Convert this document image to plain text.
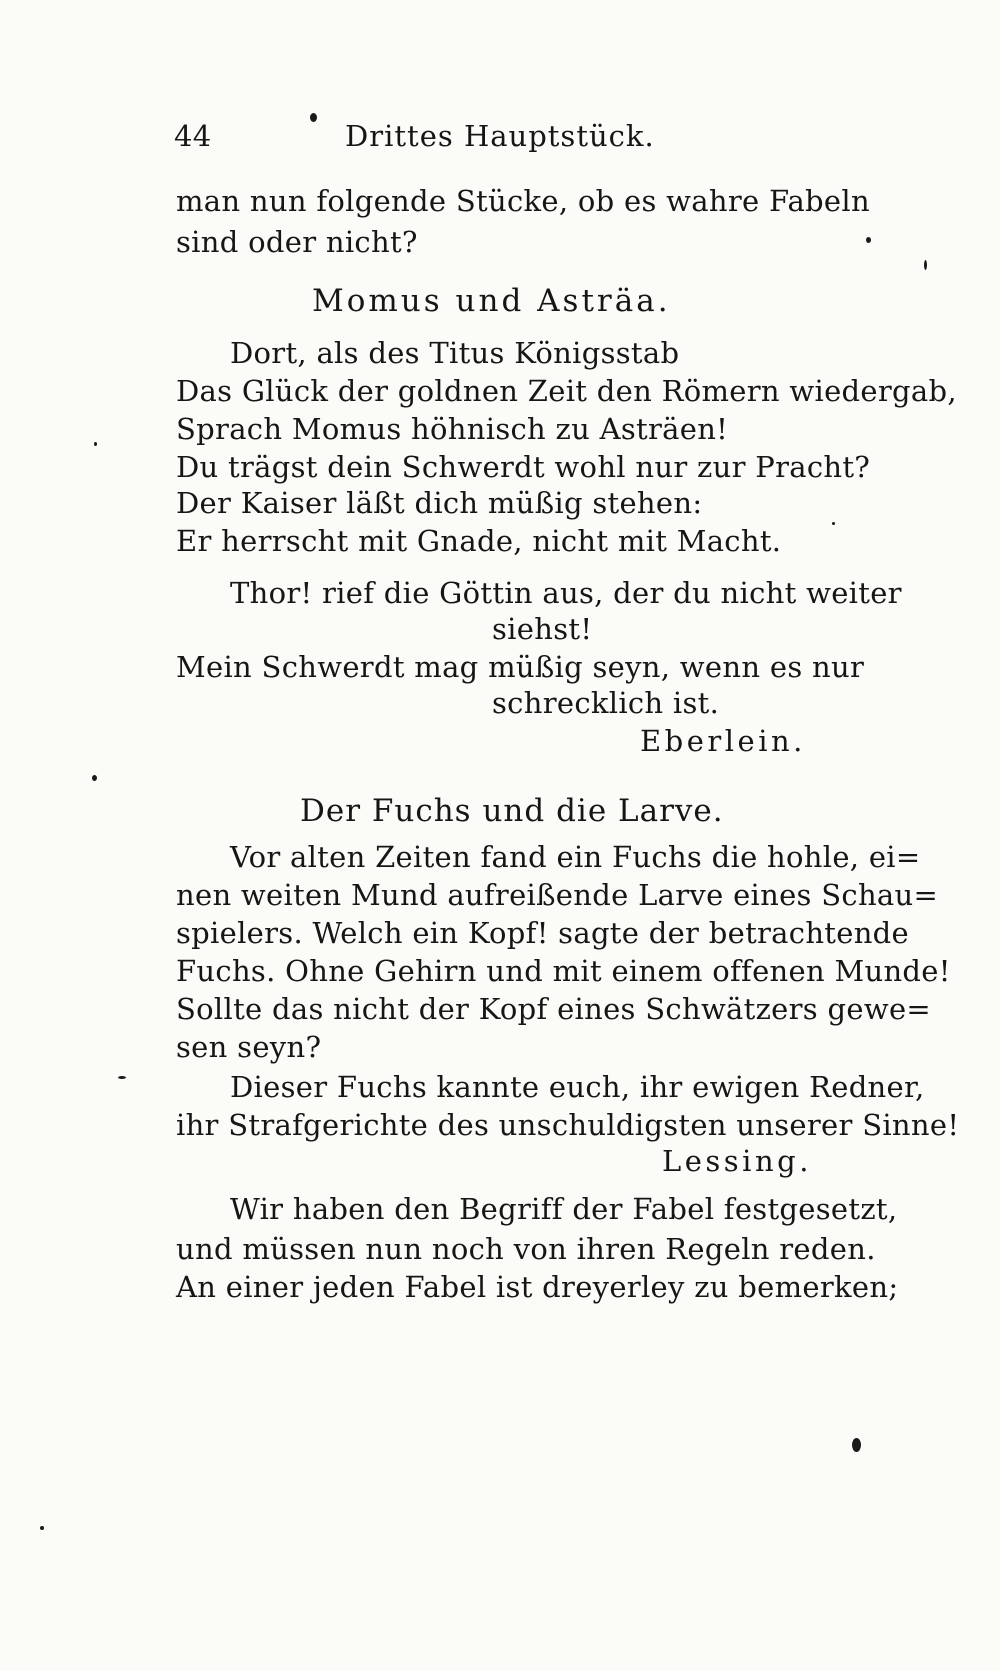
44	Drittes Hauptstück.
man nun folgende Stücke, ob es wahre Fabeln
sind oder nicht?
Momus und Asträa.
Dort, als des Titus Königsstab
Das Glück der goldnen Zeit den Römern wiedergab,
Sprach Momus höhnisch zu Asträen!
Du trägst dein Schwerdt wohl nur zur Pracht?
Der Kaiser läßt dich müßig stehen:
Er herrscht mit Gnade, nicht mit Macht.
Thor! rief die Göttin aus, der du nicht weiter
siehst!
Mein Schwerdt mag müßig seyn, wenn es nur
schrecklich ist.
Eberlein.
Der Fuchs und die Larve.
Vor alten Zeiten fand ein Fuchs die hohle, ei=
nen weiten Mund aufreißende Larve eines Schau=
spielers. Welch ein Kopf! sagte der betrachtende
Fuchs. Ohne Gehirn und mit einem offenen Munde!
Sollte das nicht der Kopf eines Schwätzers gewe=
sen seyn?
Dieser Fuchs kannte euch, ihr ewigen Redner,
ihr Strafgerichte des unschuldigsten unserer Sinne!
Lessing.
Wir haben den Begriff der Fabel festgesetzt,
und müssen nun noch von ihren Regeln reden.
An einer jeden Fabel ist dreyerley zu bemerken;
